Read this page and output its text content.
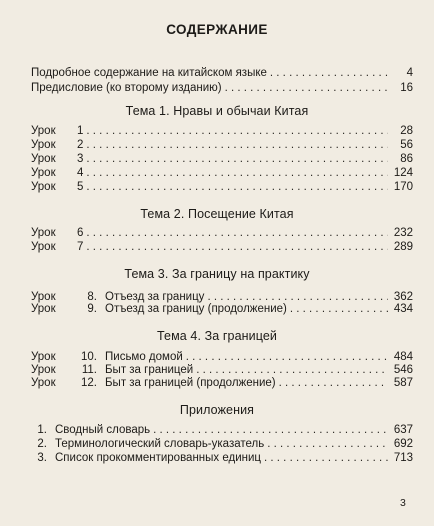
СОДЕРЖАНИЕ
Подробное содержание на китайском языке . . .	4
Предисловие (ко второму изданию) . . .	16
Тема 1. Нравы и обычаи Китая
Урок	1 . . .	28
Урок	2 . . .	56
Урок	3 . . .	86
Урок	4 . . .	124
Урок	5 . . .	170
Тема 2. Посещение Китая
Урок	6 . . .	232
Урок	7 . . .	289
Тема 3. За границу на практику
Урок	8. Отъезд за границу . . .	362
Урок	9. Отъезд за границу (продолжение) . . .	434
Тема 4. За границей
Урок	10. Письмо домой . . .	484
Урок	11. Быт за границей . . .	546
Урок	12. Быт за границей (продолжение) . . .	587
Приложения
1. Сводный словарь . . .	637
2. Терминологический словарь-указатель . . .	692
3. Список прокомментированных единиц . . .	713
3
